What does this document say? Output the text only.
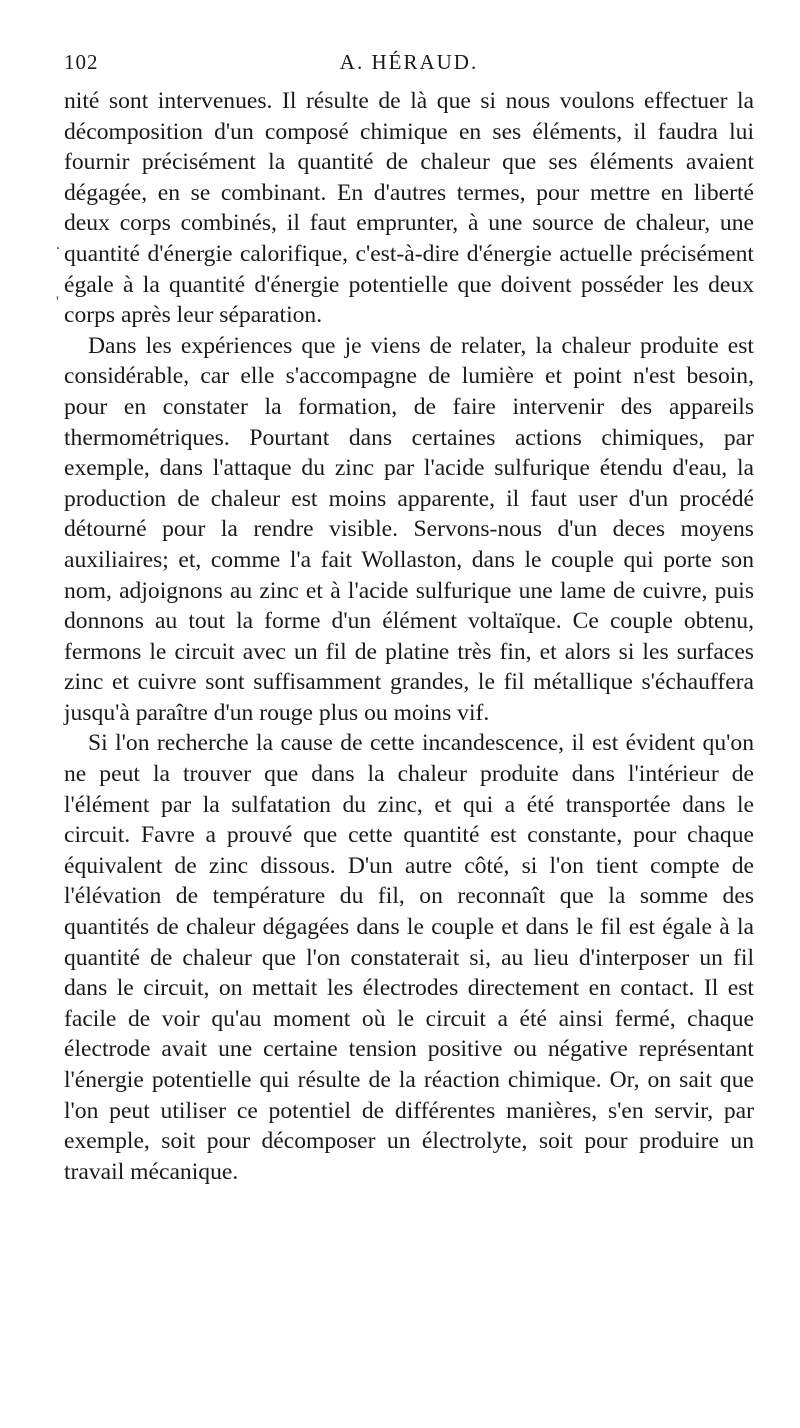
102	A. HÉRAUD.
.
'

nité sont intervenues. Il résulte de là que si nous voulons effectuer la décomposition d'un composé chimique en ses éléments, il faudra lui fournir précisément la quantité de chaleur que ses éléments avaient dégagée, en se combinant. En d'autres termes, pour mettre en liberté deux corps combinés, il faut emprunter, à une source de chaleur, une quantité d'énergie calorifique, c'est-à-dire d'énergie actuelle précisément égale à la quantité d'énergie potentielle que doivent posséder les deux corps après leur séparation.

Dans les expériences que je viens de relater, la chaleur produite est considérable, car elle s'accompagne de lumière et point n'est besoin, pour en constater la formation, de faire intervenir des appareils thermométriques. Pourtant dans certaines actions chimiques, par exemple, dans l'attaque du zinc par l'acide sulfurique étendu d'eau, la production de chaleur est moins apparente, il faut user d'un procédé détourné pour la rendre visible. Servons-nous d'un deces moyens auxiliaires; et, comme l'a fait Wollaston, dans le couple qui porte son nom, adjoignons au zinc et à l'acide sulfurique une lame de cuivre, puis donnons au tout la forme d'un élément voltaïque. Ce couple obtenu, fermons le circuit avec un fil de platine très fin, et alors si les surfaces zinc et cuivre sont suffisamment grandes, le fil métallique s'échauffera jusqu'à paraître d'un rouge plus ou moins vif.

Si l'on recherche la cause de cette incandescence, il est évident qu'on ne peut la trouver que dans la chaleur produite dans l'intérieur de l'élément par la sulfatation du zinc, et qui a été transportée dans le circuit. Favre a prouvé que cette quantité est constante, pour chaque équivalent de zinc dissous. D'un autre côté, si l'on tient compte de l'élévation de température du fil, on reconnaît que la somme des quantités de chaleur dégagées dans le couple et dans le fil est égale à la quantité de chaleur que l'on constaterait si, au lieu d'interposer un fil dans le circuit, on mettait les électrodes directement en contact. Il est facile de voir qu'au moment où le circuit a été ainsi fermé, chaque électrode avait une certaine tension positive ou négative représentant l'énergie potentielle qui résulte de la réaction chimique. Or, on sait que l'on peut utiliser ce potentiel de différentes manières, s'en servir, par exemple, soit pour décomposer un électrolyte, soit pour produire un travail mécanique.
